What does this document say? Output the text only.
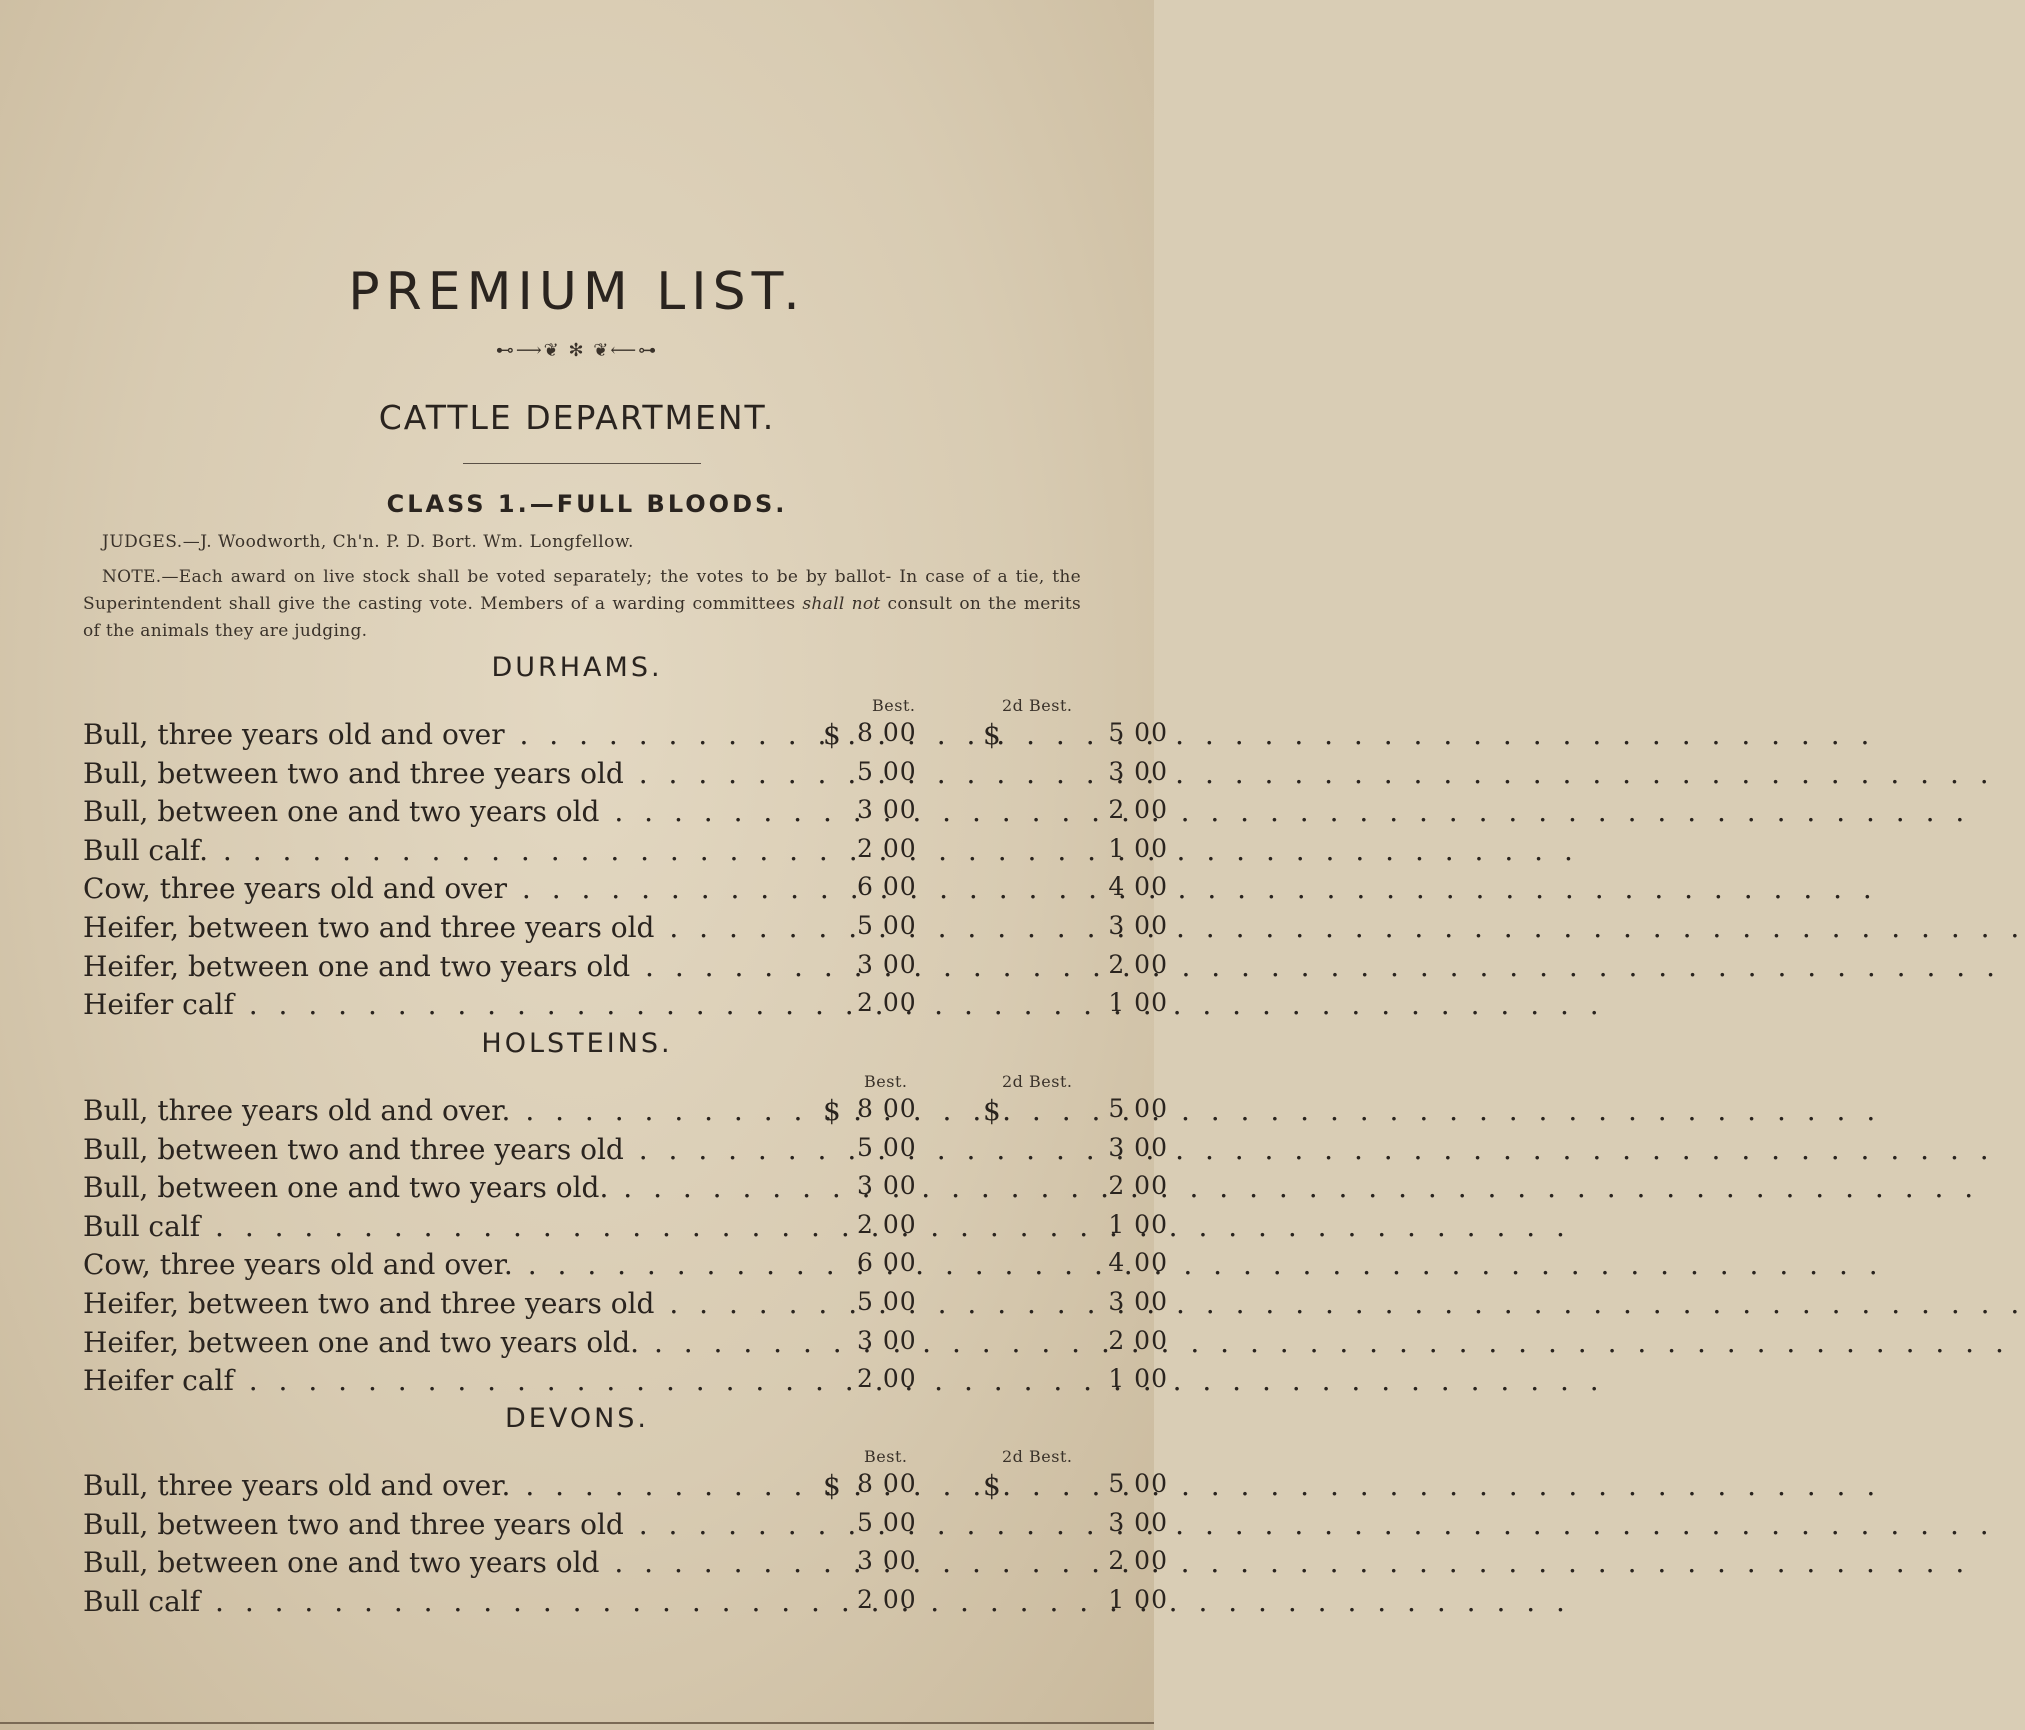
PREMIUM LIST.
⊷⟶❦ ✻ ❦⟵⊶
CATTLE DEPARTMENT.
CLASS 1.—FULL BLOODS.
JUDGES.—J. Woodworth, Ch'n. P. D. Bort. Wm. Longfellow.
NOTE.—Each award on live stock shall be voted separately; the votes to be by ballot- In case of a tie, the Superintendent shall give the casting vote. Members of a warding committees shall not consult on the merits of the animals they are judging.
DURHAMS.
Best.	2d Best.
Bull, three years old and over . . .	$ 8 00	$	5 00
Bull, between two and three years old . . .	5 00	3 00
Bull, between one and two years old . . .	3 00	2 00
Bull calf. . . .	2 00	1 00
Cow, three years old and over . . .	6 00	4 00
Heifer, between two and three years old . . .	5 00	3 00
Heifer, between one and two years old . . .	3 00	2 00
Heifer calf . . .	2 00	1 00
HOLSTEINS.
Best.	2d Best.
Bull, three years old and over. . . .	$ 8 00	$	5 00
Bull, between two and three years old . . .	5 00	3 00
Bull, between one and two years old. . . .	3 00	2 00
Bull calf . . .	2 00	1 00
Cow, three years old and over. . . .	6 00	4 00
Heifer, between two and three years old . . .	5 00	3 00
Heifer, between one and two years old. . . .	3 00	2 00
Heifer calf . . .	2 00	1 00
DEVONS.
Best.	2d Best.
Bull, three years old and over. . . .	$ 8 00	$	5 00
Bull, between two and three years old . . .	5 00	3 00
Bull, between one and two years old . . .	3 00	2 00
Bull calf . . .	2 00	1 00
